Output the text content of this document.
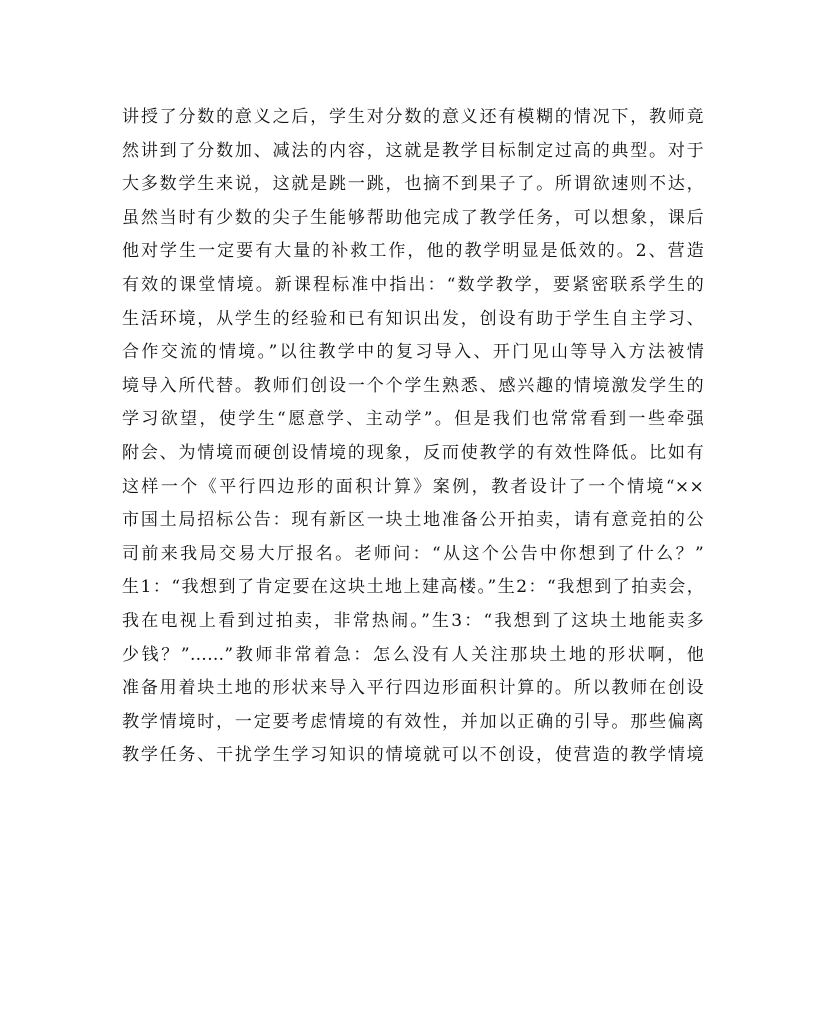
讲授了分数的意义之后，学生对分数的意义还有模糊的情况下，教师竟
然讲到了分数加、减法的内容，这就是教学目标制定过高的典型。对于
大多数学生来说，这就是跳一跳，也摘不到果子了。所谓欲速则不达，
虽然当时有少数的尖子生能够帮助他完成了教学任务，可以想象，课后
他对学生一定要有大量的补救工作，他的教学明显是低效的。2、营造
有效的课堂情境。新课程标准中指出：“数学教学，要紧密联系学生的
生活环境，从学生的经验和已有知识出发，创设有助于学生自主学习、
合作交流的情境。”以往教学中的复习导入、开门见山等导入方法被情
境导入所代替。教师们创设一个个学生熟悉、感兴趣的情境激发学生的
学习欲望，使学生“愿意学、主动学”。但是我们也常常看到一些牵强
附会、为情境而硬创设情境的现象，反而使教学的有效性降低。比如有
这样一个《平行四边形的面积计算》案例，教者设计了一个情境“××
市国土局招标公告：现有新区一块土地准备公开拍卖，请有意竞拍的公
司前来我局交易大厅报名。老师问：“从这个公告中你想到了什么？”
生1：“我想到了肯定要在这块土地上建高楼。”生2：“我想到了拍卖会，
我在电视上看到过拍卖，非常热闹。”生3：“我想到了这块土地能卖多
少钱？”……”教师非常着急：怎么没有人关注那块土地的形状啊，他
准备用着块土地的形状来导入平行四边形面积计算的。所以教师在创设
教学情境时，一定要考虑情境的有效性，并加以正确的引导。那些偏离
教学任务、干扰学生学习知识的情境就可以不创设，使营造的教学情境
